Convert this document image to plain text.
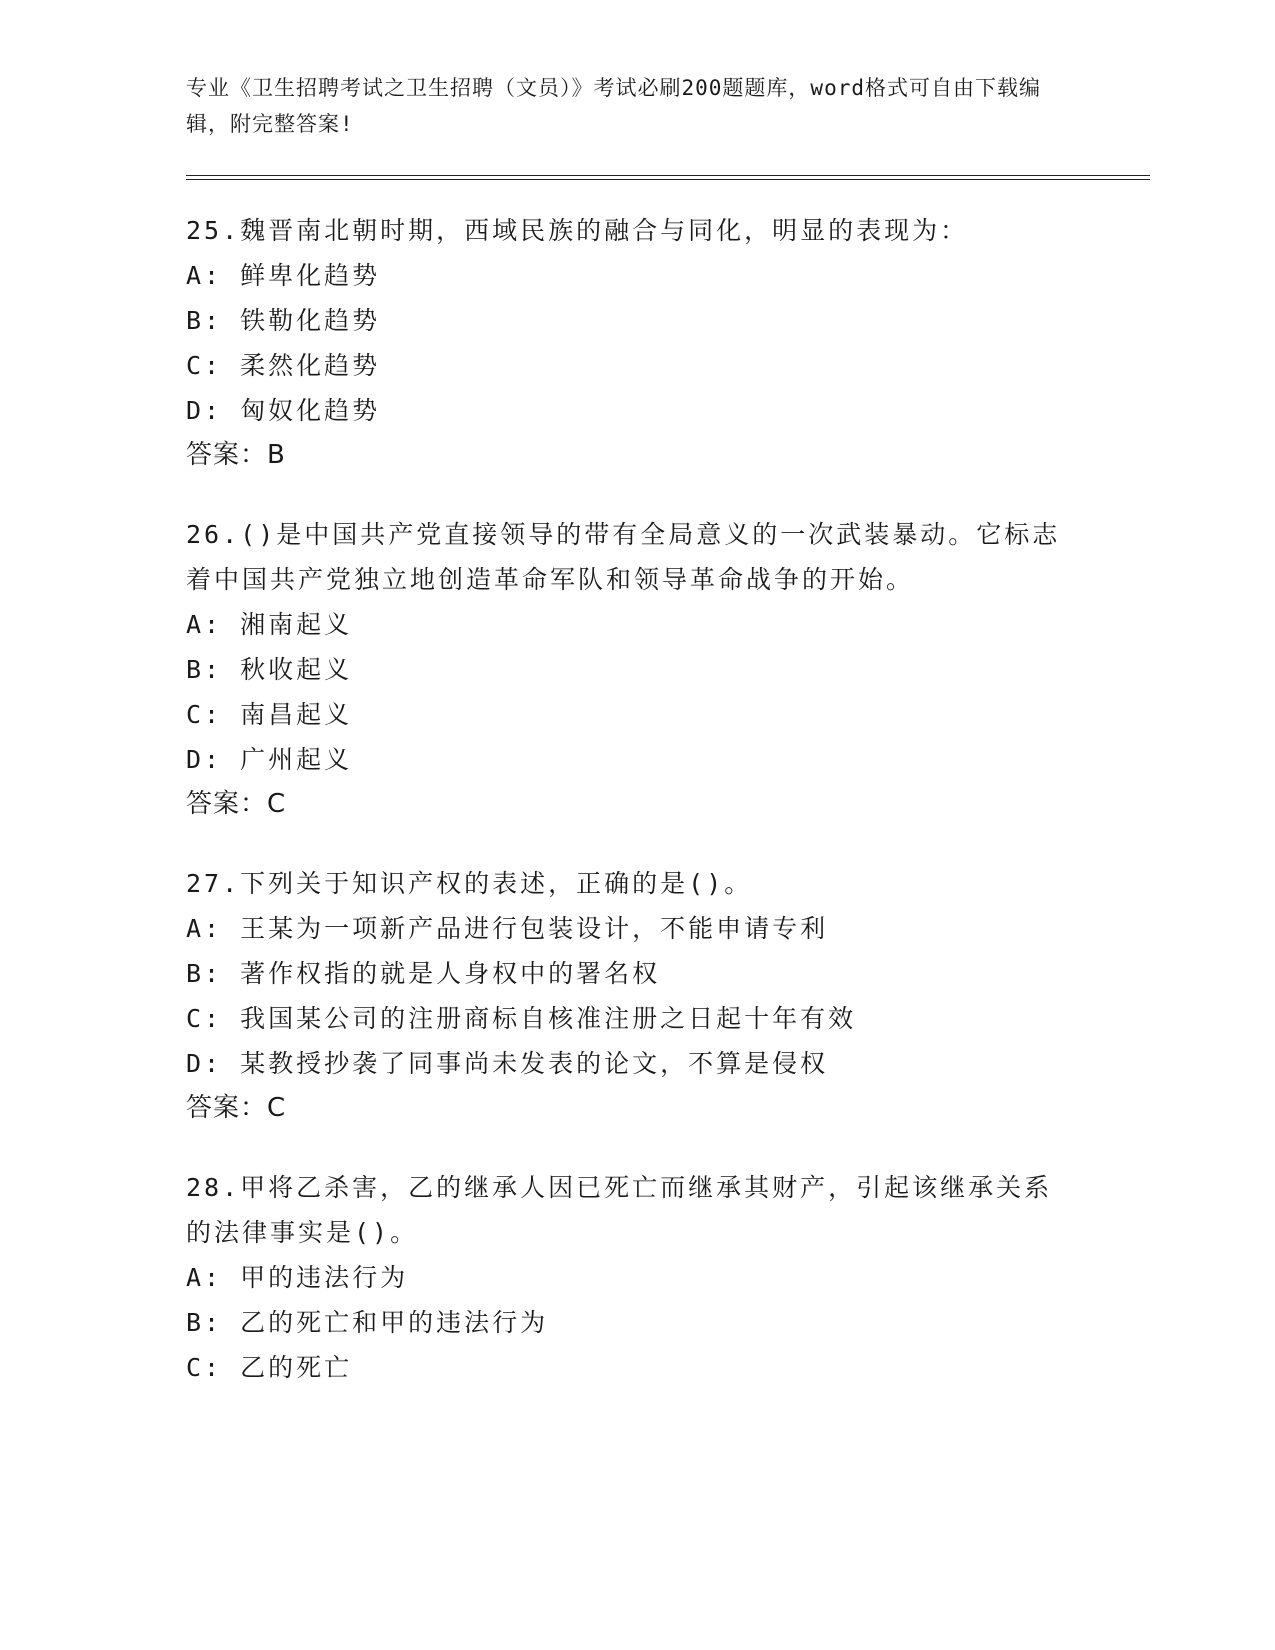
专业《卫生招聘考试之卫生招聘（文员）》考试必刷200题题库，word格式可自由下载编辑，附完整答案!
25.魏晋南北朝时期，西域民族的融合与同化，明显的表现为：
A: 鲜卑化趋势
B: 铁勒化趋势
C: 柔然化趋势
D: 匈奴化趋势
答案：B
26.()是中国共产党直接领导的带有全局意义的一次武装暴动。它标志着中国共产党独立地创造革命军队和领导革命战争的开始。
A: 湘南起义
B: 秋收起义
C: 南昌起义
D: 广州起义
答案：C
27.下列关于知识产权的表述，正确的是()。
A: 王某为一项新产品进行包装设计，不能申请专利
B: 著作权指的就是人身权中的署名权
C: 我国某公司的注册商标自核准注册之日起十年有效
D: 某教授抄袭了同事尚未发表的论文，不算是侵权
答案：C
28.甲将乙杀害，乙的继承人因已死亡而继承其财产，引起该继承关系的法律事实是()。
A: 甲的违法行为
B: 乙的死亡和甲的违法行为
C: 乙的死亡
